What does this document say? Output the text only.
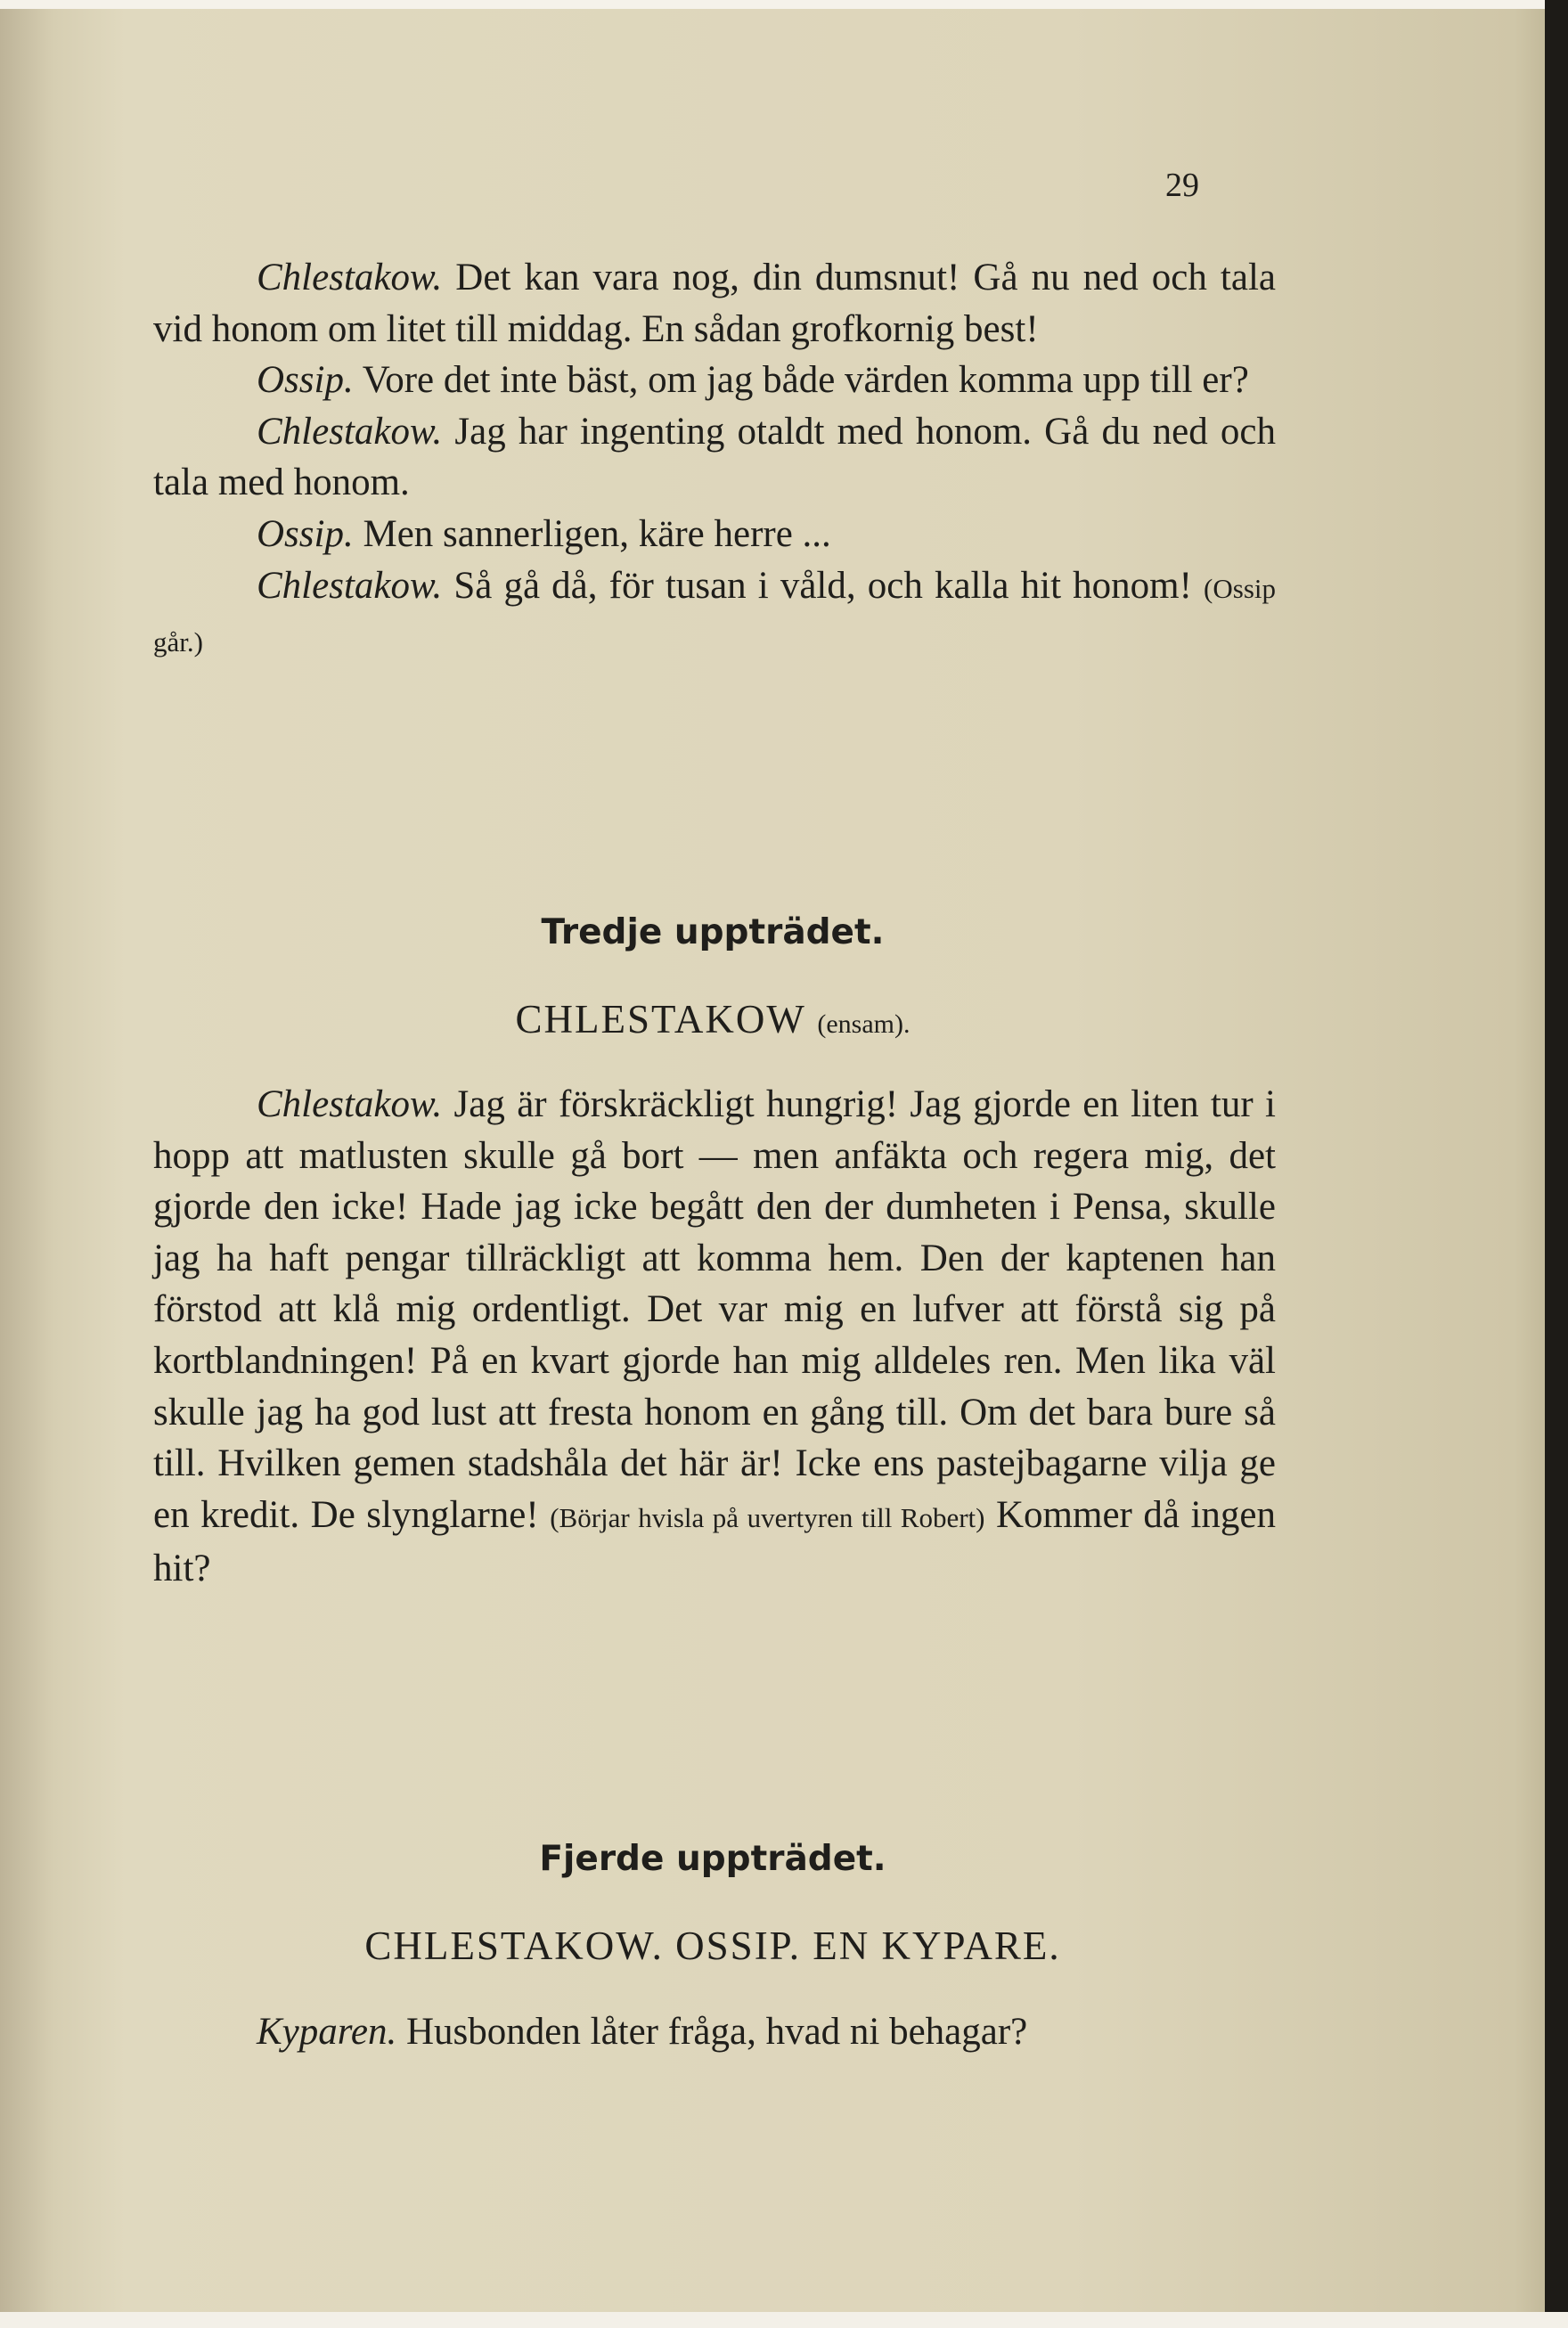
29

Chlestakow. Det kan vara nog, din dumsnut! Gå nu ned och tala vid honom om litet till middag. En sådan grofkornig best!

Ossip. Vore det inte bäst, om jag både värden komma upp till er?

Chlestakow. Jag har ingenting otaldt med honom. Gå du ned och tala med honom.

Ossip. Men sannerligen, käre herre ...

Chlestakow. Så gå då, för tusan i våld, och kalla hit honom! (Ossip går.)

Tredje uppträdet.
CHLESTAKOW (ensam).

Chlestakow. Jag är förskräckligt hungrig! Jag gjorde en liten tur i hopp att matlusten skulle gå bort — men anfäkta och regera mig, det gjorde den icke! Hade jag icke begått den der dumheten i Pensa, skulle jag ha haft pengar tillräckligt att komma hem. Den der kaptenen han förstod att klå mig ordentligt. Det var mig en lufver att förstå sig på kortblandningen! På en kvart gjorde han mig alldeles ren. Men lika väl skulle jag ha god lust att fresta honom en gång till. Om det bara bure så till. Hvilken gemen stadshåla det här är! Icke ens pastejbagarne vilja ge en kredit. De slynglarne! (Börjar hvisla på uvertyren till Robert) Kommer då ingen hit?

Fjerde uppträdet.
CHLESTAKOW. OSSIP. EN KYPARE.

Kyparen. Husbonden låter fråga, hvad ni behagar?
